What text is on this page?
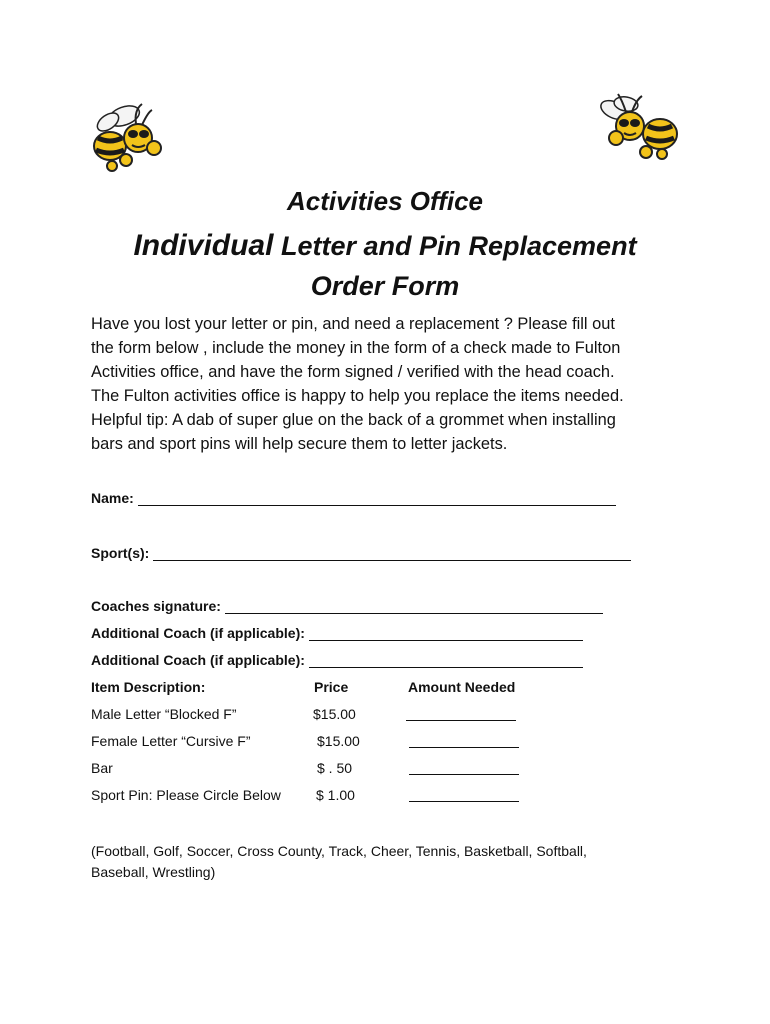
Activities Office
Individual Letter and Pin Replacement
Order Form
Have you lost your letter or pin, and need a replacement ? Please fill out
the form below , include the money in the form of a check made to Fulton
Activities office, and have the form signed / verified with the head coach.
The Fulton activities office is happy to help you replace the items needed.
Helpful tip: A dab of super glue on the back of a grommet when installing
bars and sport pins will help secure them to letter jackets.
Name:
Sport(s):
Coaches signature:
Additional Coach (if applicable):
Additional Coach (if applicable):
Item Description:	Price	Amount Needed
Male Letter “Blocked F”	$15.00
Female Letter “Cursive F”	$15.00
Bar	$ . 50
Sport Pin: Please Circle Below	$ 1.00
(Football, Golf, Soccer, Cross County, Track, Cheer, Tennis, Basketball, Softball,
Baseball, Wrestling)
